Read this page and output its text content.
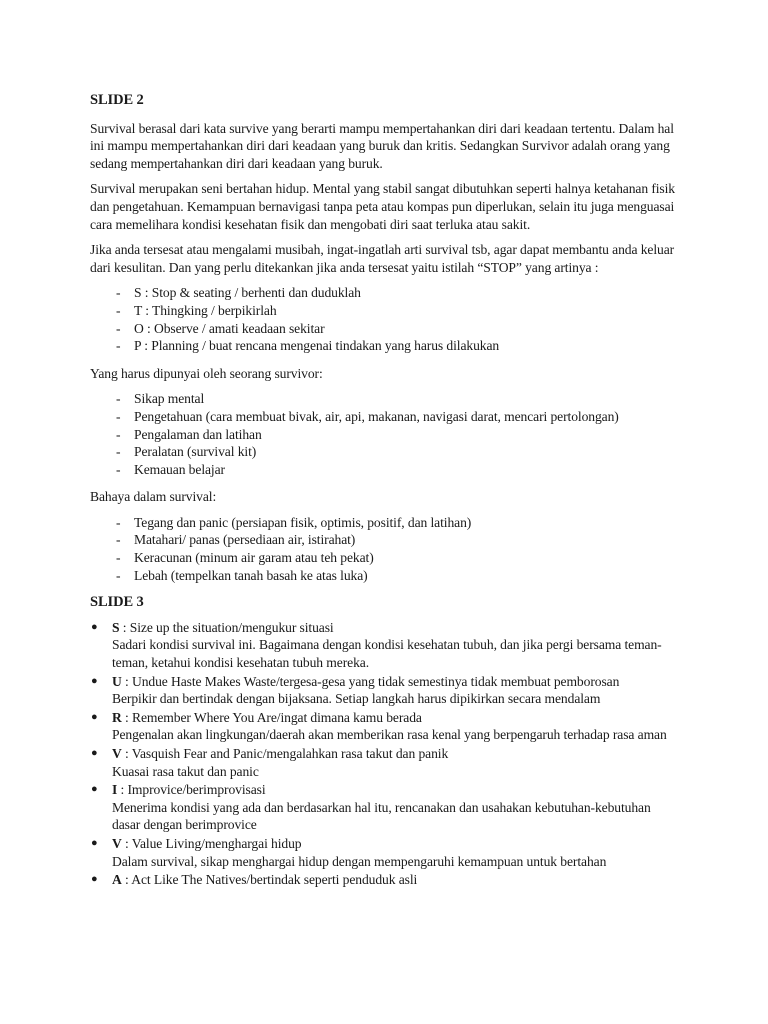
SLIDE 2

Survival berasal dari kata survive yang berarti mampu mempertahankan diri dari keadaan tertentu. Dalam hal ini mampu mempertahankan diri dari keadaan yang buruk dan kritis. Sedangkan Survivor adalah orang yang sedang mempertahankan diri dari keadaan yang buruk.

Survival merupakan seni bertahan hidup. Mental yang stabil sangat dibutuhkan seperti halnya ketahanan fisik dan pengetahuan. Kemampuan bernavigasi tanpa peta atau kompas pun diperlukan, selain itu juga menguasai cara memelihara kondisi kesehatan fisik dan mengobati diri saat terluka atau sakit.

Jika anda tersesat atau mengalami musibah, ingat-ingatlah arti survival tsb, agar dapat membantu anda keluar dari kesulitan. Dan yang perlu ditekankan jika anda tersesat yaitu istilah “STOP” yang artinya :

- S : Stop & seating / berhenti dan duduklah
- T : Thingking / berpikirlah
- O : Observe / amati keadaan sekitar
- P : Planning / buat rencana mengenai tindakan yang harus dilakukan

Yang harus dipunyai oleh seorang survivor:

- Sikap mental
- Pengetahuan (cara membuat bivak, air, api, makanan, navigasi darat, mencari pertolongan)
- Pengalaman dan latihan
- Peralatan (survival kit)
- Kemauan belajar

Bahaya dalam survival:

- Tegang dan panic (persiapan fisik, optimis, positif, dan latihan)
- Matahari/ panas (persediaan air, istirahat)
- Keracunan (minum air garam atau teh pekat)
- Lebah (tempelkan tanah basah ke atas luka)

SLIDE 3

● S : Size up the situation/mengukur situasi
Sadari kondisi survival ini. Bagaimana dengan kondisi kesehatan tubuh, dan jika pergi bersama teman-teman, ketahui kondisi kesehatan tubuh mereka.
● U : Undue Haste Makes Waste/tergesa-gesa yang tidak semestinya tidak membuat pemborosan
Berpikir dan bertindak dengan bijaksana. Setiap langkah harus dipikirkan secara mendalam
● R : Remember Where You Are/ingat dimana kamu berada
Pengenalan akan lingkungan/daerah akan memberikan rasa kenal yang berpengaruh terhadap rasa aman
● V : Vasquish Fear and Panic/mengalahkan rasa takut dan panik
Kuasai rasa takut dan panic
● I : Improvice/berimprovisasi
Menerima kondisi yang ada dan berdasarkan hal itu, rencanakan dan usahakan kebutuhan-kebutuhan dasar dengan berimprovice
● V : Value Living/menghargai hidup
Dalam survival, sikap menghargai hidup dengan mempengaruhi kemampuan untuk bertahan
● A : Act Like The Natives/bertindak seperti penduduk asli
